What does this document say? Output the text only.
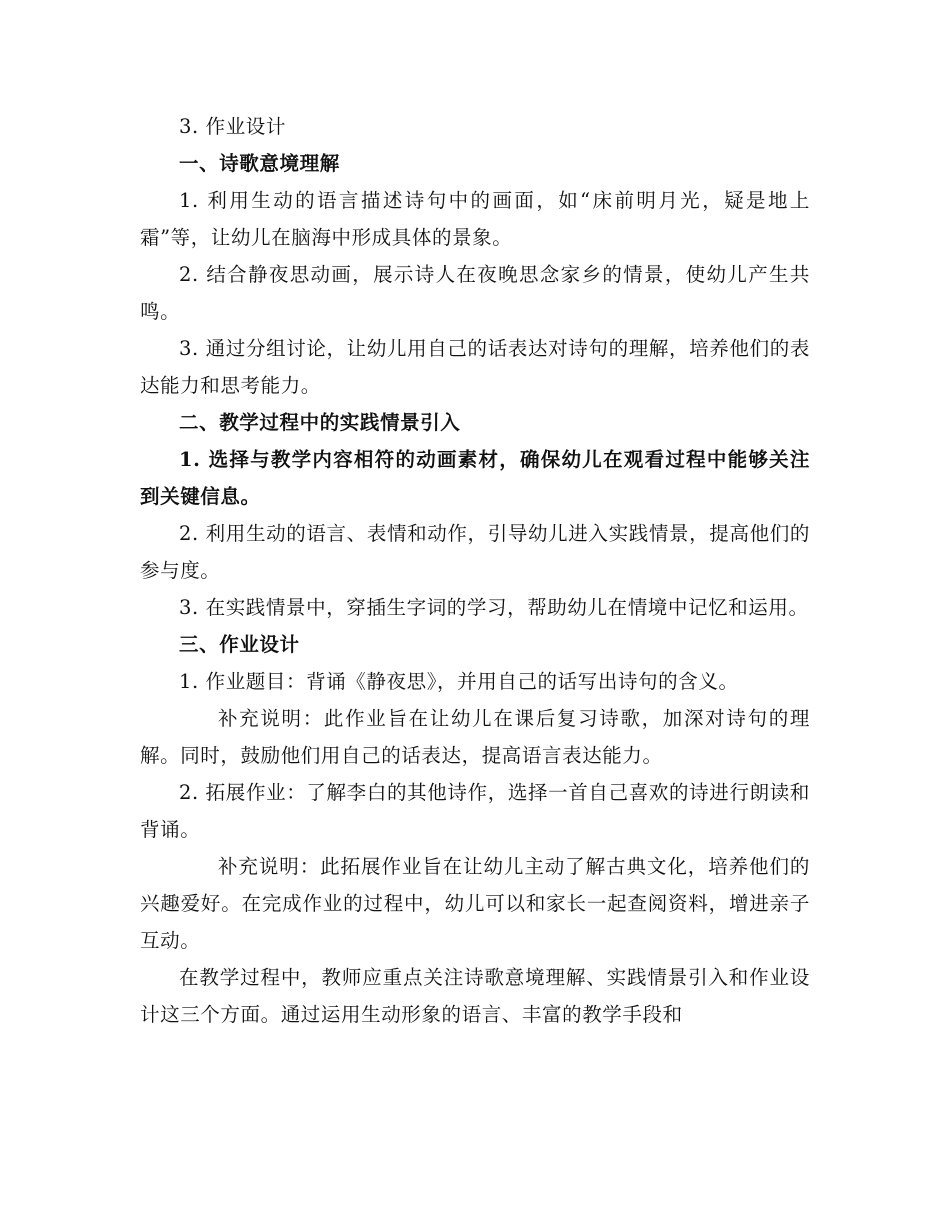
3. 作业设计

一、诗歌意境理解

1. 利用生动的语言描述诗句中的画面，如“床前明月光，疑是地上霜”等，让幼儿在脑海中形成具体的景象。

2. 结合静夜思动画，展示诗人在夜晚思念家乡的情景，使幼儿产生共鸣。

3. 通过分组讨论，让幼儿用自己的话表达对诗句的理解，培养他们的表达能力和思考能力。

二、教学过程中的实践情景引入

1. 选择与教学内容相符的动画素材，确保幼儿在观看过程中能够关注到关键信息。

2. 利用生动的语言、表情和动作，引导幼儿进入实践情景，提高他们的参与度。

3. 在实践情景中，穿插生字词的学习，帮助幼儿在情境中记忆和运用。

三、作业设计

1. 作业题目：背诵《静夜思》，并用自己的话写出诗句的含义。

补充说明：此作业旨在让幼儿在课后复习诗歌，加深对诗句的理解。同时，鼓励他们用自己的话表达，提高语言表达能力。

2. 拓展作业：了解李白的其他诗作，选择一首自己喜欢的诗进行朗读和背诵。

补充说明：此拓展作业旨在让幼儿主动了解古典文化，培养他们的兴趣爱好。在完成作业的过程中，幼儿可以和家长一起查阅资料，增进亲子互动。

在教学过程中，教师应重点关注诗歌意境理解、实践情景引入和作业设计这三个方面。通过运用生动形象的语言、丰富的教学手段和
